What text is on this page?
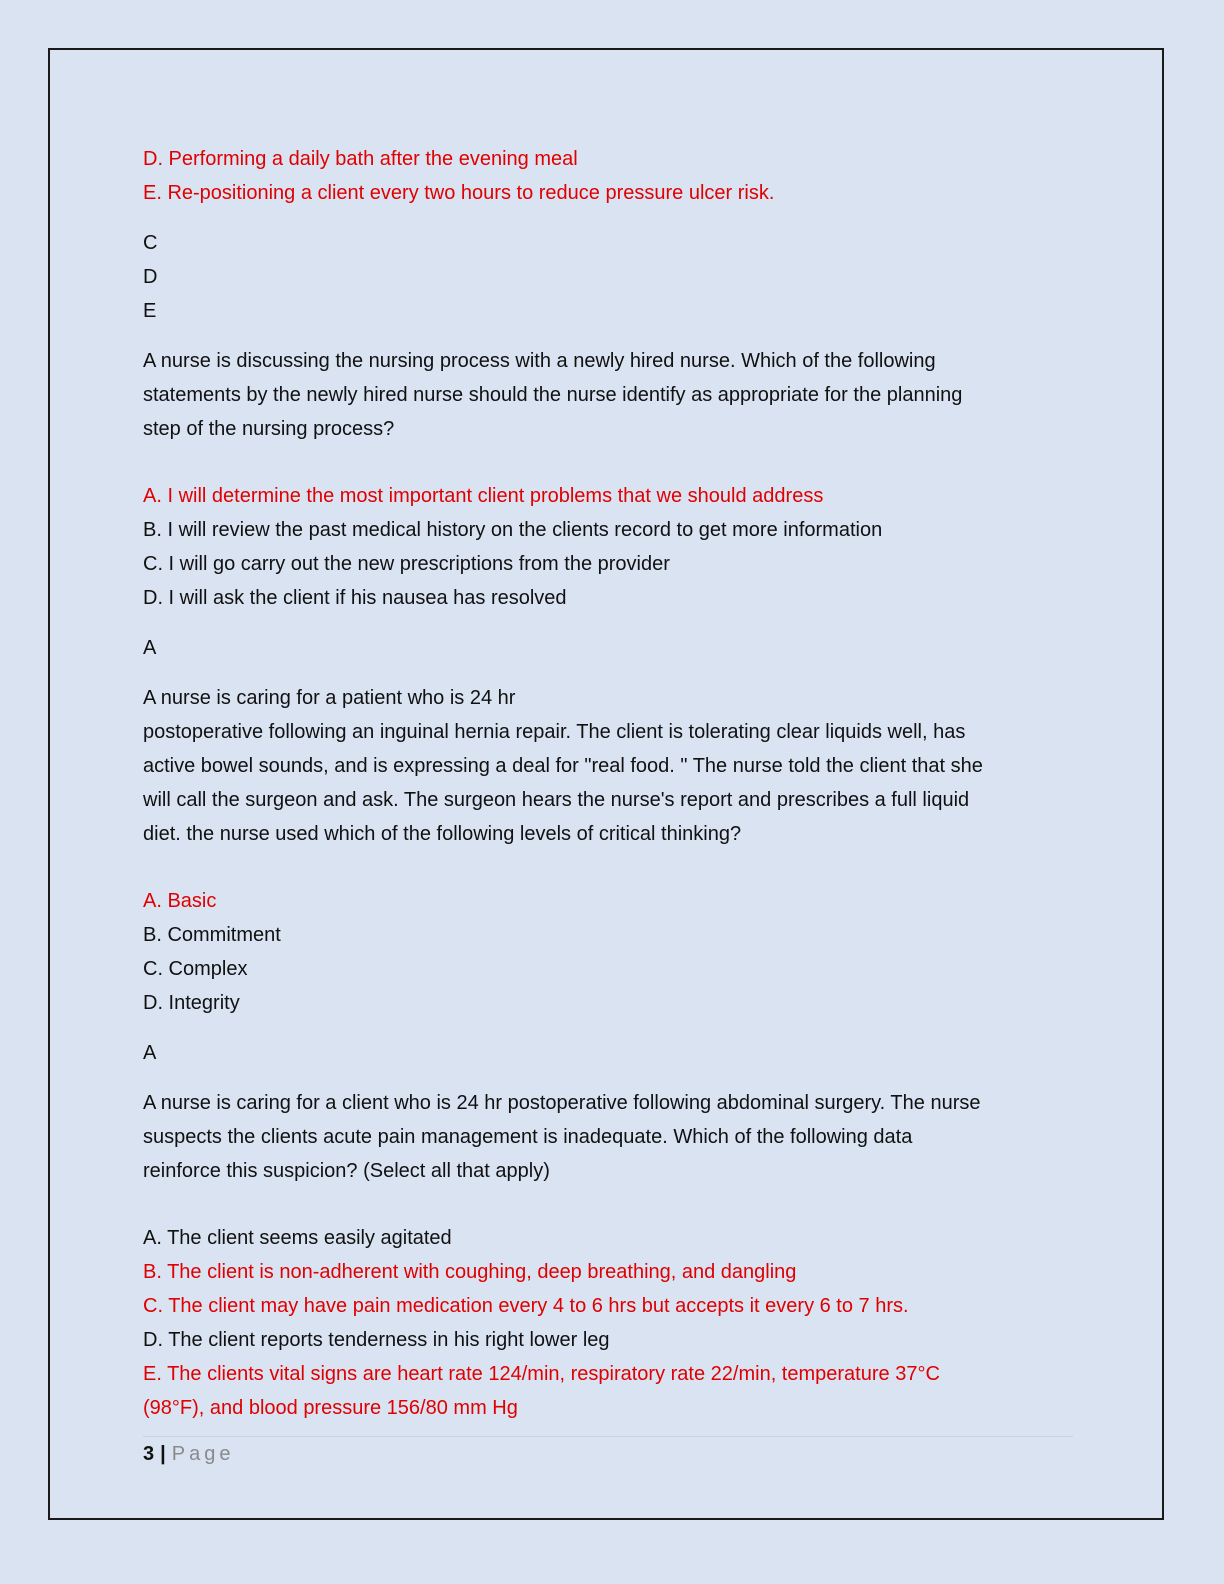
D. Performing a daily bath after the evening meal

E. Re-positioning a client every two hours to reduce pressure ulcer risk.

C

D

E

A nurse is discussing the nursing process with a newly hired nurse. Which of the following

statements by the newly hired nurse should the nurse identify as appropriate for the planning

step of the nursing process?

A. I will determine the most important client problems that we should address

B. I will review the past medical history on the clients record to get more information

C. I will go carry out the new prescriptions from the provider

D. I will ask the client if his nausea has resolved

A

A nurse is caring for a patient who is 24 hr

postoperative following an inguinal hernia repair. The client is tolerating clear liquids well, has

active bowel sounds, and is expressing a deal for "real food. " The nurse told the client that she

will call the surgeon and ask. The surgeon hears the nurse's report and prescribes a full liquid

diet. the nurse used which of the following levels of critical thinking?

A. Basic

B. Commitment

C. Complex

D. Integrity

A

A nurse is caring for a client who is 24 hr postoperative following abdominal surgery. The nurse

suspects the clients acute pain management is inadequate. Which of the following data

reinforce this suspicion? (Select all that apply)

A. The client seems easily agitated

B. The client is non-adherent with coughing, deep breathing, and dangling

C. The client may have pain medication every 4 to 6 hrs but accepts it every 6 to 7 hrs.

D. The client reports tenderness in his right lower leg

E. The clients vital signs are heart rate 124/min, respiratory rate 22/min, temperature 37°C

(98°F), and blood pressure 156/80 mm Hg

3 | Page
